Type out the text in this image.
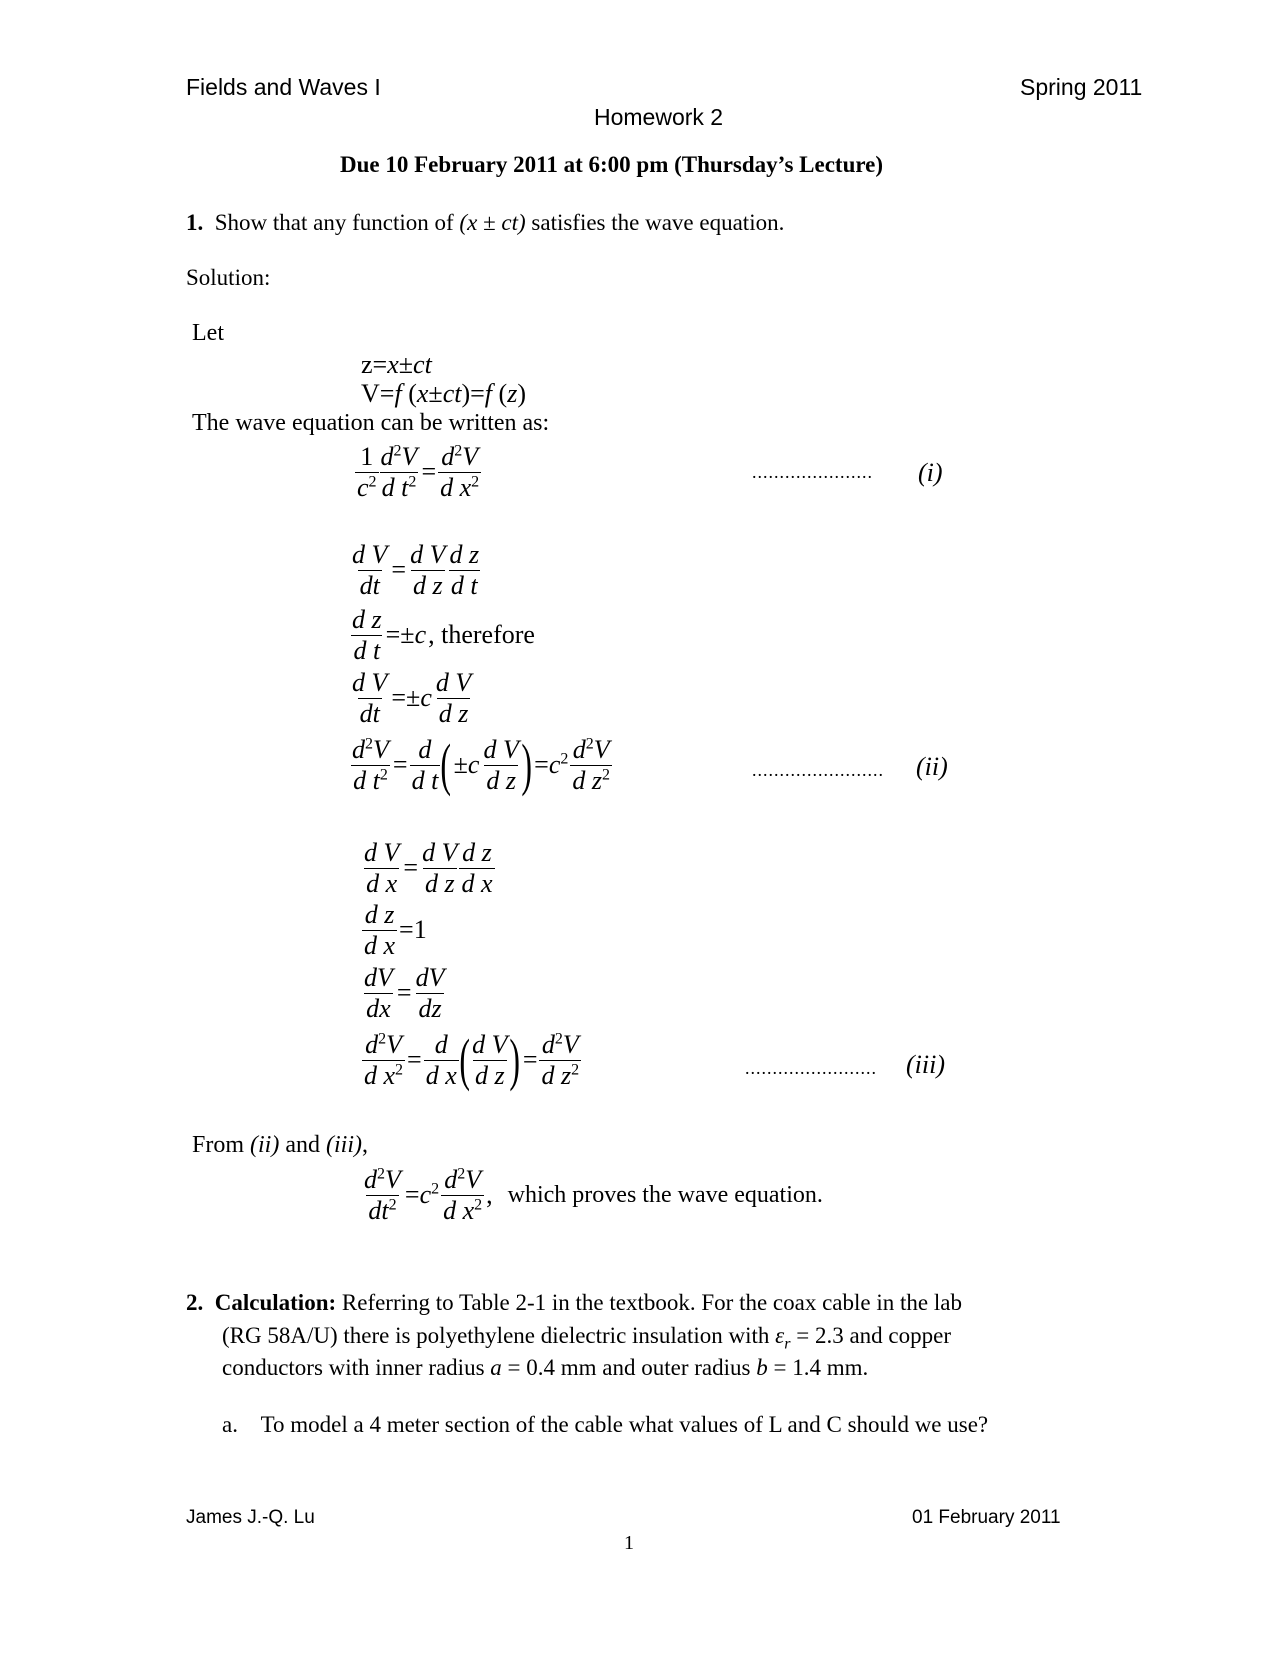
Fields and Waves I	Spring 2011
Homework 2
Due 10 February 2011 at 6:00 pm (Thursday’s Lecture)
1. Show that any function of (x ± ct) satisfies the wave equation.
Solution:
Let
z=x±ct
V=f (x±ct)=f (z)
The wave equation can be written as:
$\frac{1}{c^2} \frac{d^2V}{d t^2} = \frac{d^2V}{d x^2}$	...................... (i)
$\frac{\text{d V}}{dt} = \frac{\text{d V}}{\text{d z}} \frac{\text{d z}}{\text{d t}}$
$\frac{\text{d z}}{\text{d t}} =\pm c$ , therefore
$\frac{\text{d V}}{dt} =\pm c \frac{\text{d V}}{\text{d z}}$
$\frac{d^2V}{d t^2} = \frac{d}{\text{d t}}$ ( $\pm c \frac{\text{d V}}{\text{d z}}$ ) $=c^2 \frac{d^2V}{d z^2}$	........................ (ii)
$\frac{\text{d V}}{\text{d x}} = \frac{\text{d V}}{\text{d z}} \frac{\text{d z}}{\text{d x}}$
$\frac{\text{d z}}{\text{d x}} =1$
$\frac{dV}{dx} = \frac{dV}{dz}$
$\frac{d^2V}{d x^2} = \frac{d}{\text{d x}}$ ( $\frac{\text{d V}}{\text{d z}}$ ) = $\frac{d^2V}{d z^2}$	........................ (iii)
From (ii) and (iii),
$\frac{d^2V}{dt^2} =c^2 \frac{d^2V}{d x^2}$ , which proves the wave equation.
2. Calculation: Referring to Table 2-1 in the textbook. For the coax cable in the lab
(RG 58A/U) there is polyethylene dielectric insulation with $\varepsilon_r = 2.3$ and copper
conductors with inner radius a = 0.4 mm and outer radius b = 1.4 mm.
a. To model a 4 meter section of the cable what values of L and C should we use?
James J.-Q. Lu	01 February 2011
1
